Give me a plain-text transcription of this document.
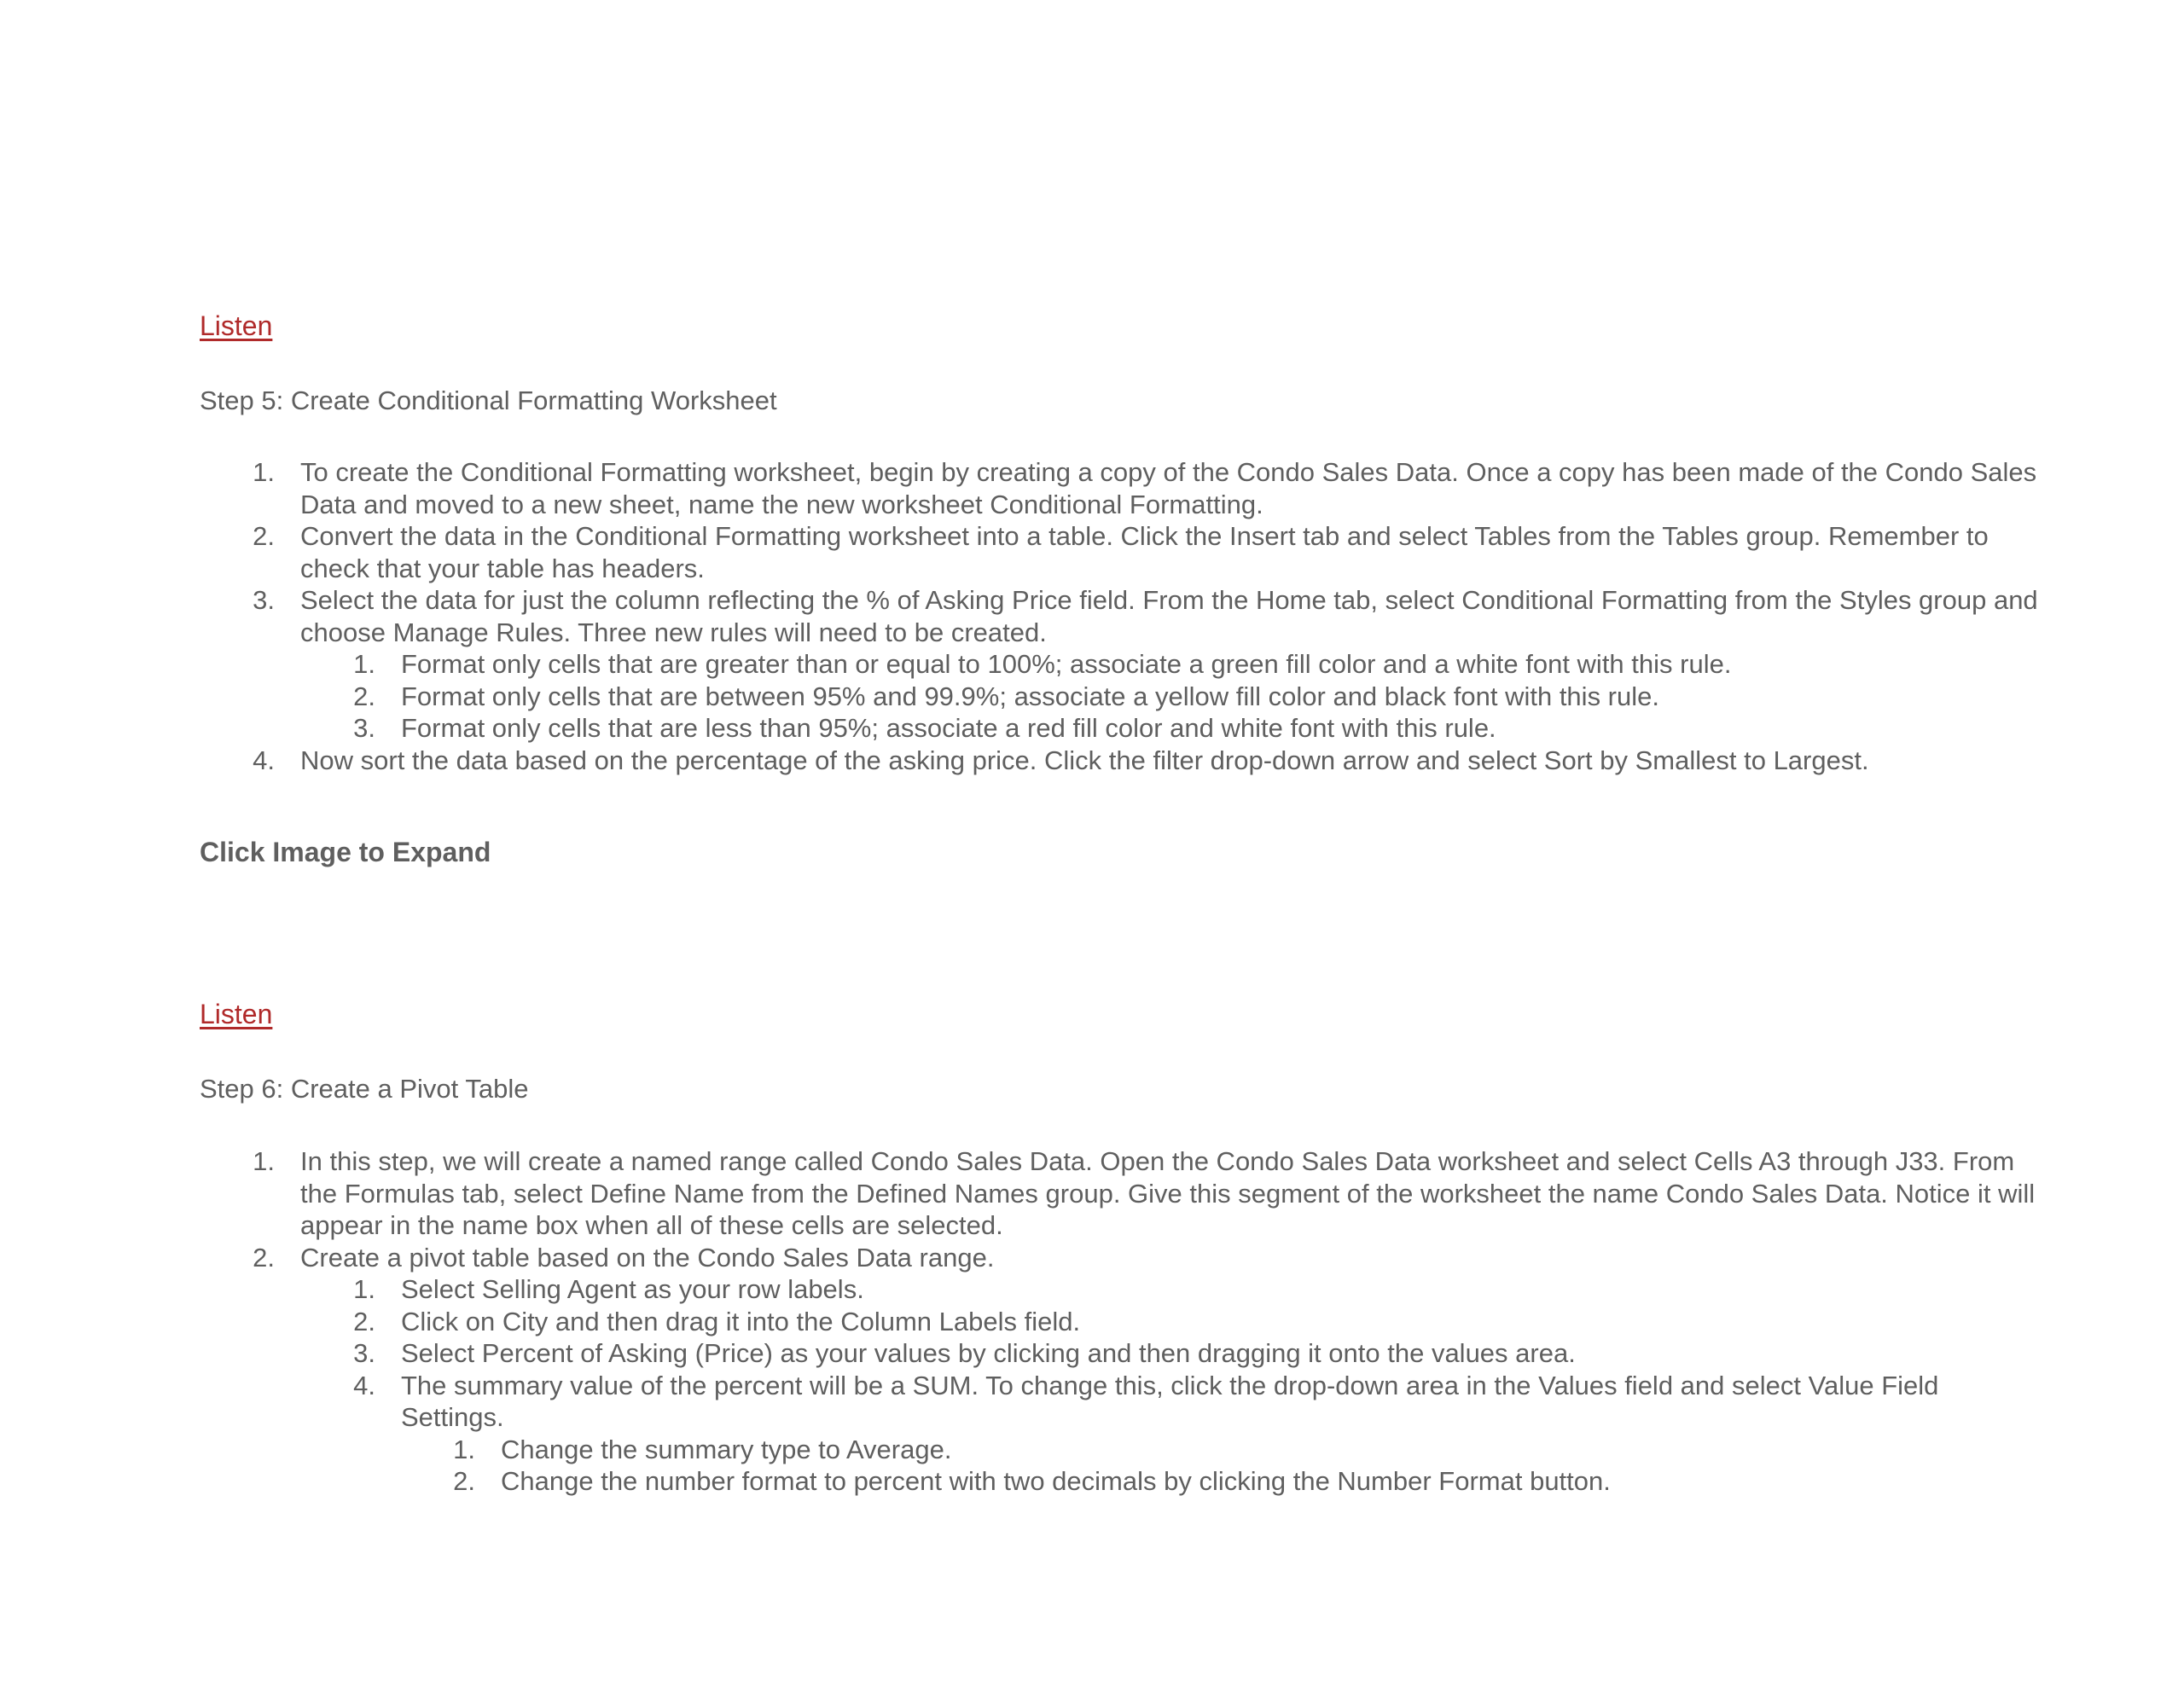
Listen
Step 5: Create Conditional Formatting Worksheet
1. To create the Conditional Formatting worksheet, begin by creating a copy of the Condo Sales Data. Once a copy has been made of the Condo Sales Data and moved to a new sheet, name the new worksheet Conditional Formatting.
2. Convert the data in the Conditional Formatting worksheet into a table. Click the Insert tab and select Tables from the Tables group. Remember to check that your table has headers.
3. Select the data for just the column reflecting the % of Asking Price field. From the Home tab, select Conditional Formatting from the Styles group and choose Manage Rules. Three new rules will need to be created.
1. Format only cells that are greater than or equal to 100%; associate a green fill color and a white font with this rule.
2. Format only cells that are between 95% and 99.9%; associate a yellow fill color and black font with this rule.
3. Format only cells that are less than 95%; associate a red fill color and white font with this rule.
4. Now sort the data based on the percentage of the asking price. Click the filter drop-down arrow and select Sort by Smallest to Largest.
Click Image to Expand
Listen
Step 6: Create a Pivot Table
1. In this step, we will create a named range called Condo Sales Data. Open the Condo Sales Data worksheet and select Cells A3 through J33. From the Formulas tab, select Define Name from the Defined Names group. Give this segment of the worksheet the name Condo Sales Data. Notice it will appear in the name box when all of these cells are selected.
2. Create a pivot table based on the Condo Sales Data range.
1. Select Selling Agent as your row labels.
2. Click on City and then drag it into the Column Labels field.
3. Select Percent of Asking (Price) as your values by clicking and then dragging it onto the values area.
4. The summary value of the percent will be a SUM. To change this, click the drop-down area in the Values field and select Value Field Settings.
1. Change the summary type to Average.
2. Change the number format to percent with two decimals by clicking the Number Format button.
